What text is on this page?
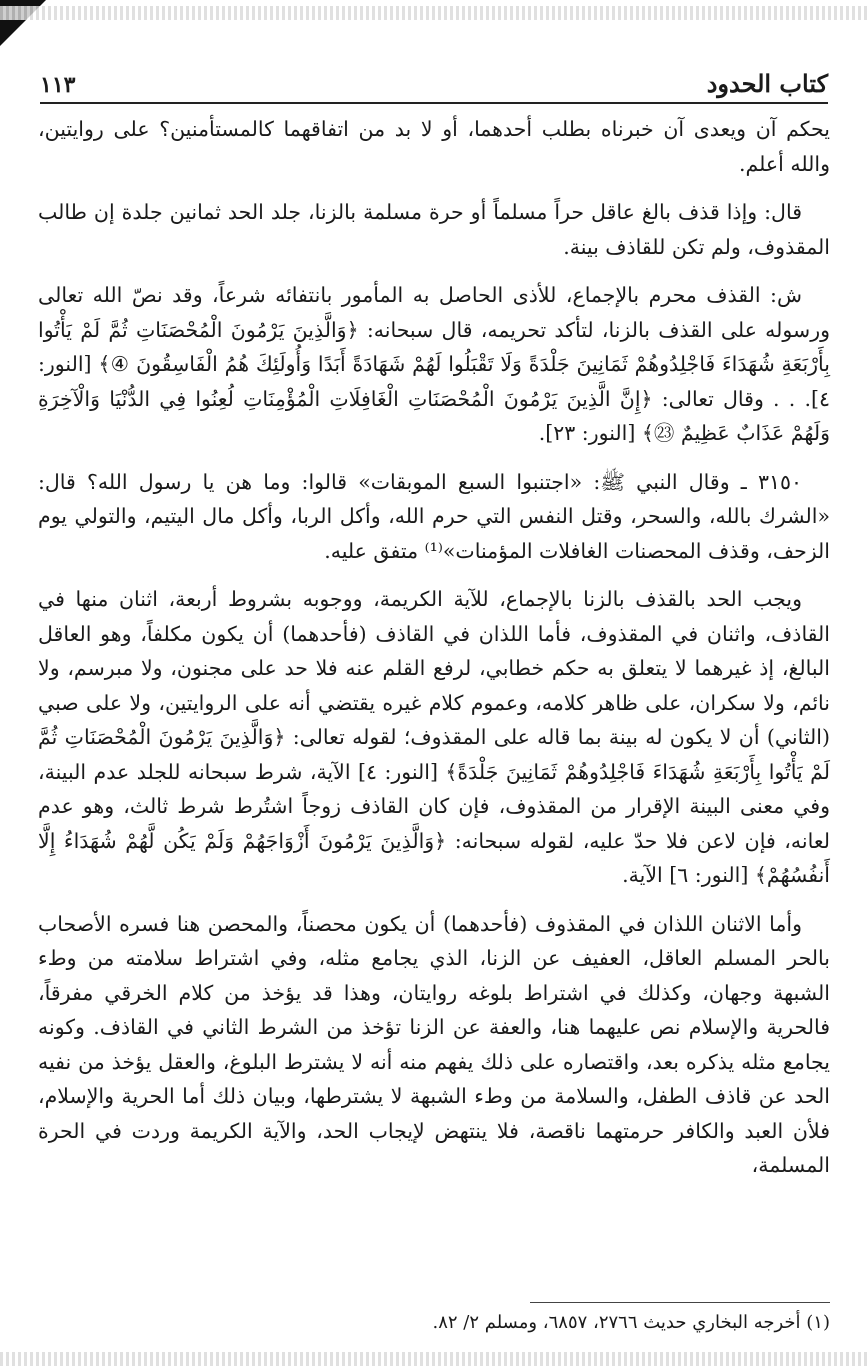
كتاب الحدود
١١٣

يحكم آن ويعدى آن خبرناه بطلب أحدهما، أو لا بد من اتفاقهما كالمستأمنين؟ على روايتين، والله أعلم.

قال: وإذا قذف بالغ عاقل حراً مسلماً أو حرة مسلمة بالزنا، جلد الحد ثمانين جلدة إن طالب المقذوف، ولم تكن للقاذف بينة.

ش: القذف محرم بالإجماع، للأذى الحاصل به المأمور بانتفائه شرعاً، وقد نصّ الله تعالى ورسوله على القذف بالزنا، لتأكد تحريمه، قال سبحانه: ﴿وَالَّذِينَ يَرْمُونَ الْمُحْصَنَاتِ ثُمَّ لَمْ يَأْتُوا بِأَرْبَعَةِ شُهَدَاءَ فَاجْلِدُوهُمْ ثَمَانِينَ جَلْدَةً وَلَا تَقْبَلُوا لَهُمْ شَهَادَةً أَبَدًا وَأُولَئِكَ هُمُ الْفَاسِقُونَ ④﴾ [النور: ٤]. . . وقال تعالى: ﴿إِنَّ الَّذِينَ يَرْمُونَ الْمُحْصَنَاتِ الْغَافِلَاتِ الْمُؤْمِنَاتِ لُعِنُوا فِي الدُّنْيَا وَالْآخِرَةِ وَلَهُمْ عَذَابٌ عَظِيمٌ ㉓﴾ [النور: ٢٣].

٣١٥٠ ـ وقال النبي ﷺ: «اجتنبوا السبع الموبقات» قالوا: وما هن يا رسول الله؟ قال: «الشرك بالله، والسحر، وقتل النفس التي حرم الله، وأكل الربا، وأكل مال اليتيم، والتولي يوم الزحف، وقذف المحصنات الغافلات المؤمنات»⁽¹⁾ متفق عليه.

ويجب الحد بالقذف بالزنا بالإجماع، للآية الكريمة، ووجوبه بشروط أربعة، اثنان منها في القاذف، واثنان في المقذوف، فأما اللذان في القاذف (فأحدهما) أن يكون مكلفاً، وهو العاقل البالغ، إذ غيرهما لا يتعلق به حكم خطابي، لرفع القلم عنه فلا حد على مجنون، ولا مبرسم، ولا نائم، ولا سكران، على ظاهر كلامه، وعموم كلام غيره يقتضي أنه على الروايتين، ولا على صبي (الثاني) أن لا يكون له بينة بما قاله على المقذوف؛ لقوله تعالى: ﴿وَالَّذِينَ يَرْمُونَ الْمُحْصَنَاتِ ثُمَّ لَمْ يَأْتُوا بِأَرْبَعَةِ شُهَدَاءَ فَاجْلِدُوهُمْ ثَمَانِينَ جَلْدَةً﴾ [النور: ٤] الآية، شرط سبحانه للجلد عدم البينة، وفي معنى البينة الإقرار من المقذوف، فإن كان القاذف زوجاً اشتُرط شرط ثالث، وهو عدم لعانه، فإن لاعن فلا حدّ عليه، لقوله سبحانه: ﴿وَالَّذِينَ يَرْمُونَ أَزْوَاجَهُمْ وَلَمْ يَكُن لَّهُمْ شُهَدَاءُ إِلَّا أَنفُسُهُمْ﴾ [النور: ٦] الآية.

وأما الاثنان اللذان في المقذوف (فأحدهما) أن يكون محصناً، والمحصن هنا فسره الأصحاب بالحر المسلم العاقل، العفيف عن الزنا، الذي يجامع مثله، وفي اشتراط سلامته من وطء الشبهة وجهان، وكذلك في اشتراط بلوغه روايتان، وهذا قد يؤخذ من كلام الخرقي مفرقاً، فالحرية والإسلام نص عليهما هنا، والعفة عن الزنا تؤخذ من الشرط الثاني في القاذف. وكونه يجامع مثله يذكره بعد، واقتصاره على ذلك يفهم منه أنه لا يشترط البلوغ، والعقل يؤخذ من نفيه الحد عن قاذف الطفل، والسلامة من وطء الشبهة لا يشترطها، وبيان ذلك أما الحرية والإسلام، فلأن العبد والكافر حرمتهما ناقصة، فلا ينتهض لإيجاب الحد، والآية الكريمة وردت في الحرة المسلمة،

(١) أخرجه البخاري حديث ٢٧٦٦، ٦٨٥٧، ومسلم ٢/ ٨٢.
